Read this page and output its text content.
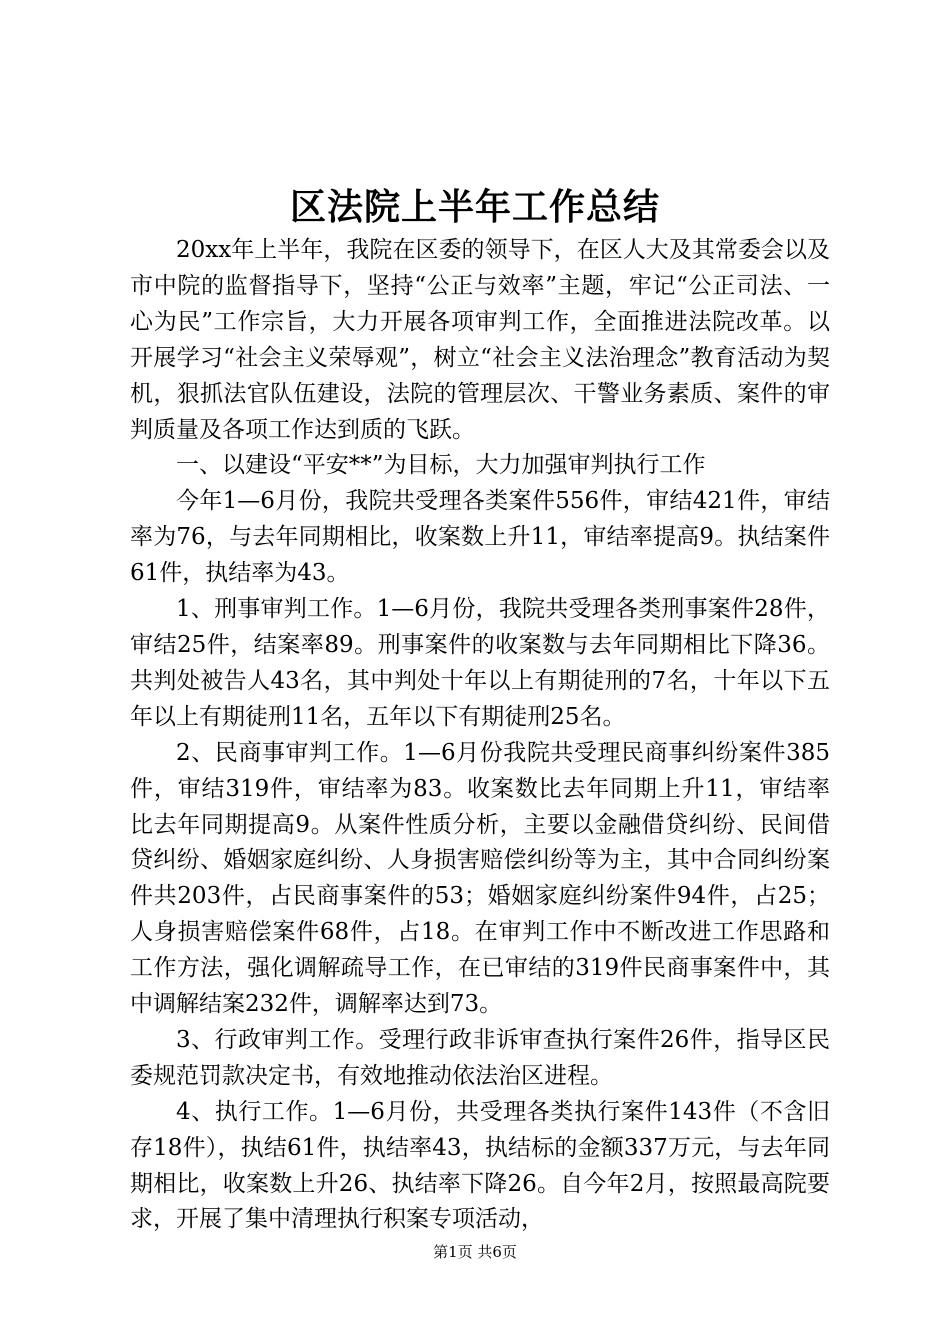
区法院上半年工作总结

20xx年上半年，我院在区委的领导下，在区人大及其常委会以及市中院的监督指导下，坚持“公正与效率”主题，牢记“公正司法、一心为民”工作宗旨，大力开展各项审判工作，全面推进法院改革。以开展学习“社会主义荣辱观”，树立“社会主义法治理念”教育活动为契机，狠抓法官队伍建设，法院的管理层次、干警业务素质、案件的审判质量及各项工作达到质的飞跃。

一、以建设“平安**”为目标，大力加强审判执行工作

今年1—6月份，我院共受理各类案件556件，审结421件，审结率为76，与去年同期相比，收案数上升11，审结率提高9。执结案件61件，执结率为43。

1、刑事审判工作。1—6月份，我院共受理各类刑事案件28件，审结25件，结案率89。刑事案件的收案数与去年同期相比下降36。共判处被告人43名，其中判处十年以上有期徒刑的7名，十年以下五年以上有期徒刑11名，五年以下有期徒刑25名。

2、民商事审判工作。1—6月份我院共受理民商事纠纷案件385件，审结319件，审结率为83。收案数比去年同期上升11，审结率比去年同期提高9。从案件性质分析，主要以金融借贷纠纷、民间借贷纠纷、婚姻家庭纠纷、人身损害赔偿纠纷等为主，其中合同纠纷案件共203件，占民商事案件的53；婚姻家庭纠纷案件94件，占25；人身损害赔偿案件68件，占18。在审判工作中不断改进工作思路和工作方法，强化调解疏导工作，在已审结的319件民商事案件中，其中调解结案232件，调解率达到73。

3、行政审判工作。受理行政非诉审查执行案件26件，指导区民委规范罚款决定书，有效地推动依法治区进程。

4、执行工作。1—6月份，共受理各类执行案件143件（不含旧存18件），执结61件，执结率43，执结标的金额337万元，与去年同期相比，收案数上升26、执结率下降26。自今年2月，按照最高院要求，开展了集中清理执行积案专项活动，

第1页 共6页
